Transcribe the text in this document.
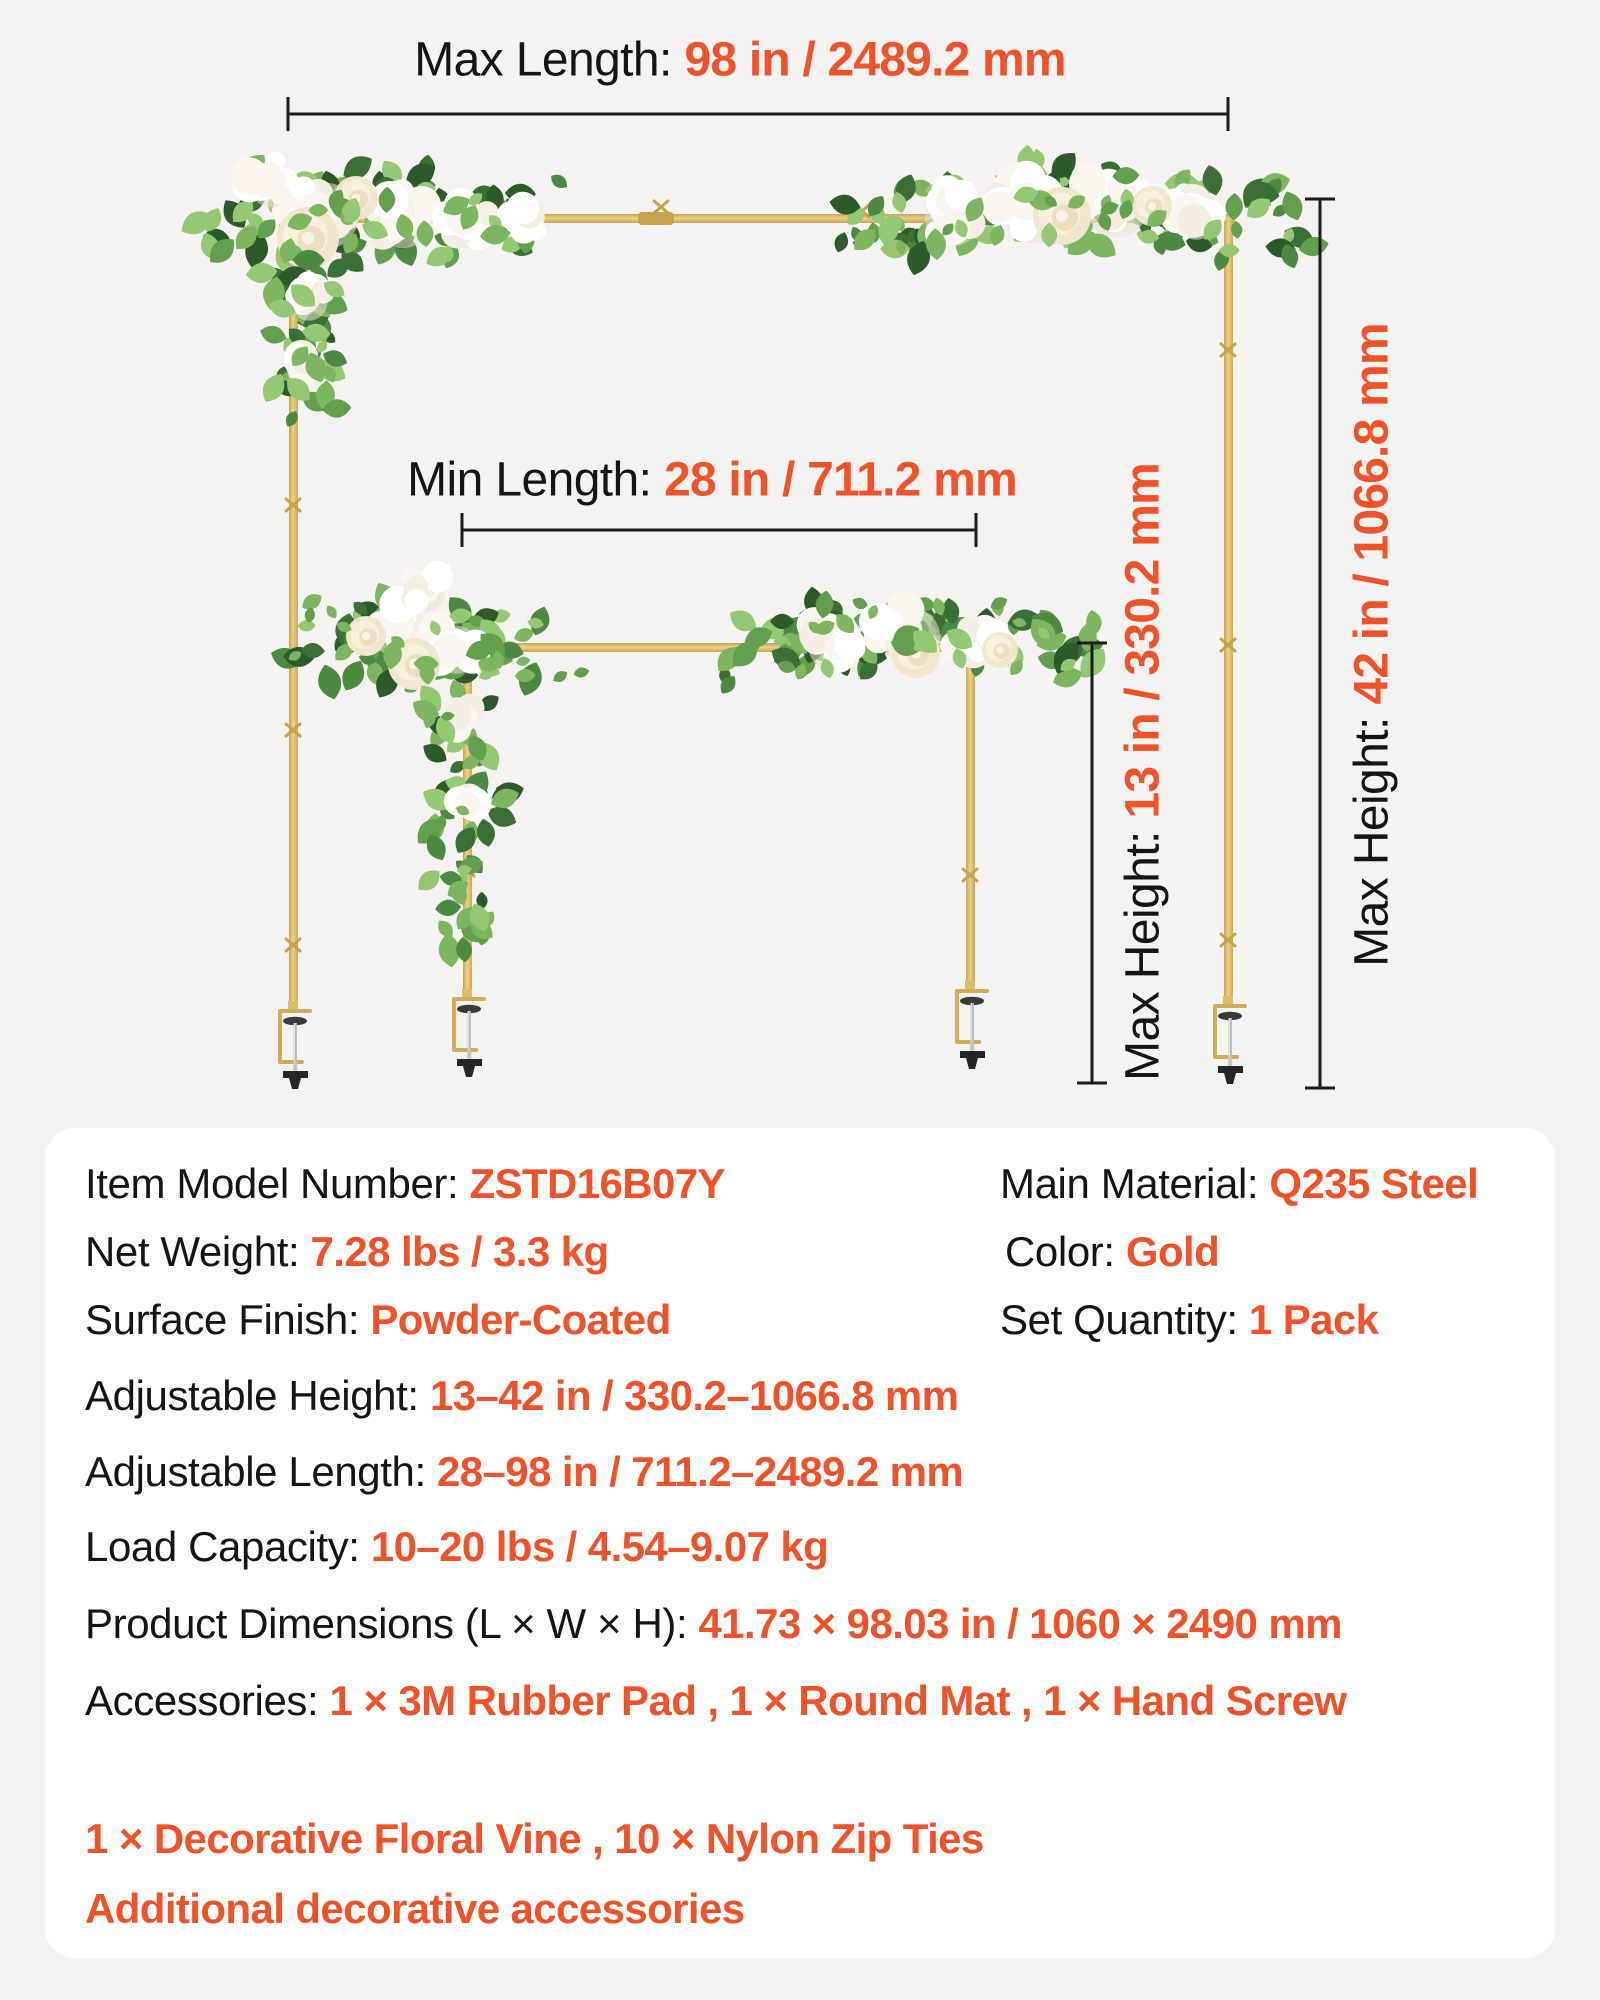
Max Length: 98 in / 2489.2 mm
Min Length: 28 in / 711.2 mm
Max Height: 13 in / 330.2 mm
Max Height: 42 in / 1066.8 mm
Item Model Number: ZSTD16B07Y	Main Material: Q235 Steel
Net Weight: 7.28 lbs / 3.3 kg	Color: Gold
Surface Finish: Powder-Coated	Set Quantity: 1 Pack
Adjustable Height: 13–42 in / 330.2–1066.8 mm
Adjustable Length: 28–98 in / 711.2–2489.2 mm
Load Capacity: 10–20 lbs / 4.54–9.07 kg
Product Dimensions (L × W × H): 41.73 × 98.03 in / 1060 × 2490 mm
Accessories: 1 × 3M Rubber Pad , 1 × Round Mat , 1 × Hand Screw
1 × Decorative Floral Vine , 10 × Nylon Zip Ties
Additional decorative accessories
